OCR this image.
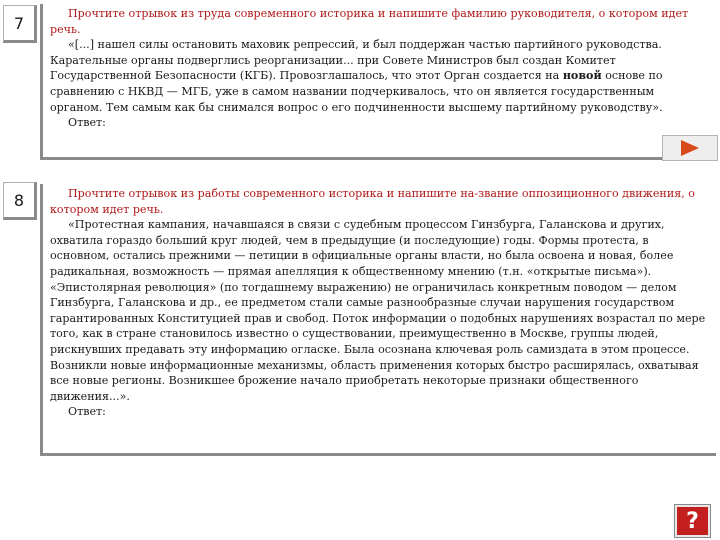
7	Прочтите отрывок из труда современного историка и напишите фамилию руководителя, о котором идет речь.

«[...] нашел силы остановить маховик репрессий, и был поддержан частью партийного руководства. Карательные органы подверглись реорганизации... при Совете Министров был создан Комитет Государственной Безопасности (КГБ). Провозглашалось, что этот Орган создается на новой основе по сравнению с НКВД — МГБ, уже в самом названии подчеркивалось, что он является государственным органом. Тем самым как бы снимался вопрос о его подчиненности высшему партийному руководству».

Ответ:

8	Прочтите отрывок из работы современного историка и напишите на-звание оппозиционного движения, о котором идет речь.

«Протестная кампания, начавшаяся в связи с судебным процессом Гинзбурга, Галанскова и других, охватила гораздо больший круг людей, чем в предыдущие (и последующие) годы. Формы протеста, в основном, остались прежними — петиции в официальные органы власти, но была освоена и новая, более радикальная, возможность — прямая апелляция к общественному мнению (т.н. «открытые письма»). «Эпистолярная революция» (по тогдашнему выражению) не ограничилась конкретным поводом — делом Гинзбурга, Галанскова и др., ее предметом стали самые разнообразные случаи нарушения государством гарантированных Конституцией прав и свобод. Поток информации о подобных нарушениях возрастал по мере того, как в стране становилось известно о существовании, преимущественно в Москве, группы людей, рискнувших предавать эту информацию огласке. Была осознана ключевая роль самиздата в этом процессе. Возникли новые информационные механизмы, область применения которых быстро расширялась, охватывая все новые регионы. Возникшее брожение начало приобретать некоторые признаки общественного движения...».

Ответ:

?
